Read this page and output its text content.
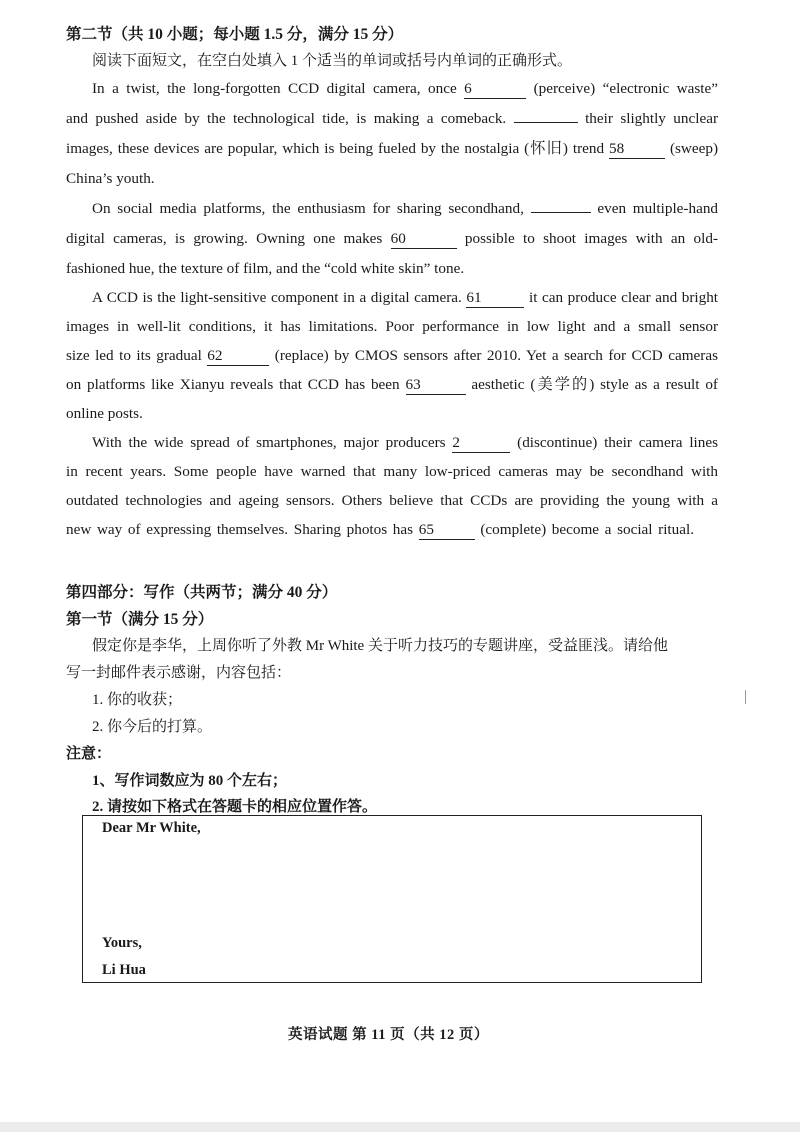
第二节（共 10 小题；每小题 1.5 分，满分 15 分）
阅读下面短文，在空白处填入 1 个适当的单词或括号内单词的正确形式。
In a twist, the long-forgotten CCD digital camera, once 6	(perceive) “electronic waste”
and pushed aside by the technological tide, is making a comeback.	their slightly unclear
images, these devices are popular, which is being fueled by the nostalgia (怀旧) trend 58	(sweep)
China’s youth.
On social media platforms, the enthusiasm for sharing secondhand,	even multiple-hand
digital cameras, is growing. Owning one makes 60	possible to shoot images with an old-
fashioned hue, the texture of film, and the “cold white skin” tone.
A CCD is the light-sensitive component in a digital camera. 61	it can produce clear and bright
images in well-lit conditions, it has limitations. Poor performance in low light and a small sensor
size led to its gradual 62	(replace) by CMOS sensors after 2010. Yet a search for CCD cameras
on platforms like Xianyu reveals that CCD has been 63	aesthetic (美学的) style as a result of
online posts.
With the wide spread of smartphones, major producers 2	(discontinue) their camera lines
in recent years. Some people have warned that many low-priced cameras may be secondhand with
outdated technologies and ageing sensors. Others believe that CCDs are providing the young with a
new way of expressing themselves. Sharing photos has 65	(complete) become a social ritual.
第四部分：写作（共两节；满分 40 分）
第一节（满分 15 分）
假定你是李华，上周你听了外教 Mr White 关于听力技巧的专题讲座，受益匪浅。请给他
写一封邮件表示感谢，内容包括：
1. 你的收获；
2. 你今后的打算。
注意：
1、写作词数应为 80 个左右；
2. 请按如下格式在答题卡的相应位置作答。
Dear Mr White,
Yours,
Li Hua
英语试题 第 11 页（共 12 页）
